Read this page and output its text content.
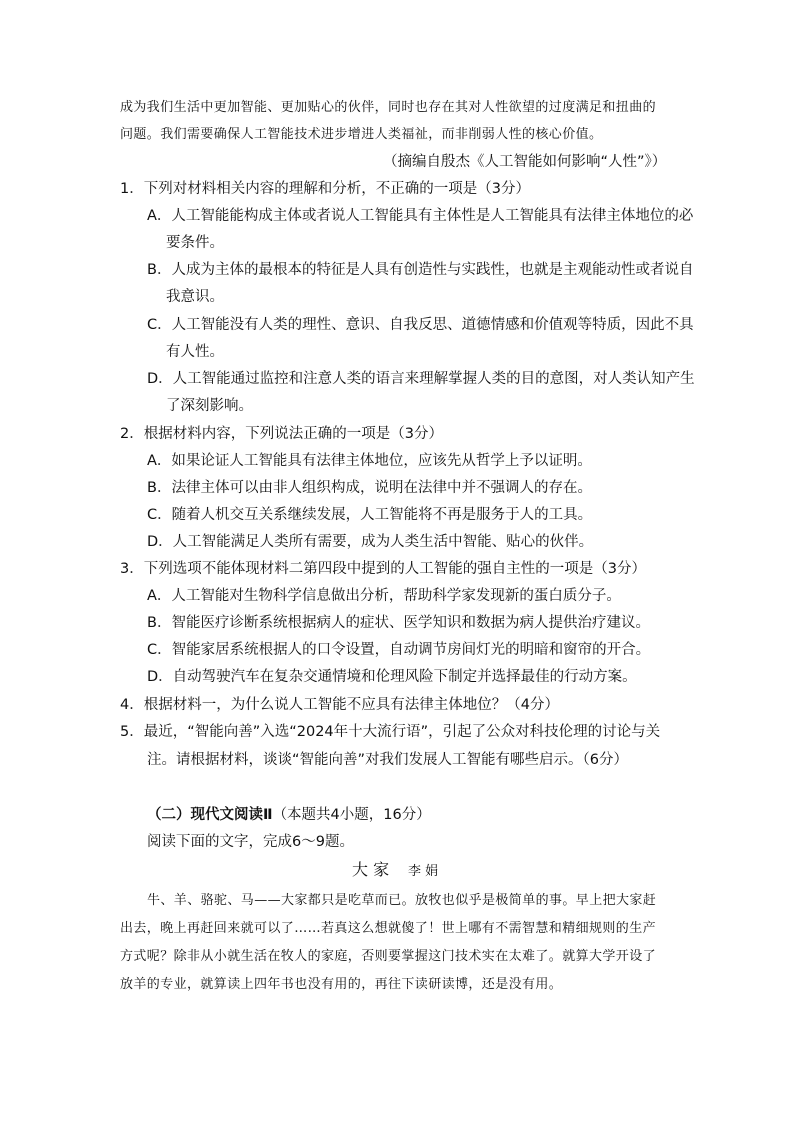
成为我们生活中更加智能、更加贴心的伙伴，同时也存在其对人性欲望的过度满足和扭曲的
问题。我们需要确保人工智能技术进步增进人类福祉，而非削弱人性的核心价值。
（摘编自殷杰《人工智能如何影响“人性”》）
1．下列对材料相关内容的理解和分析，不正确的一项是（3分）
A．人工智能能构成主体或者说人工智能具有主体性是人工智能具有法律主体地位的必
要条件。
B．人成为主体的最根本的特征是人具有创造性与实践性，也就是主观能动性或者说自
我意识。
C．人工智能没有人类的理性、意识、自我反思、道德情感和价值观等特质，因此不具
有人性。
D．人工智能通过监控和注意人类的语言来理解掌握人类的目的意图，对人类认知产生
了深刻影响。
2．根据材料内容，下列说法正确的一项是（3分）
A．如果论证人工智能具有法律主体地位，应该先从哲学上予以证明。
B．法律主体可以由非人组织构成，说明在法律中并不强调人的存在。
C．随着人机交互关系继续发展，人工智能将不再是服务于人的工具。
D．人工智能满足人类所有需要，成为人类生活中智能、贴心的伙伴。
3．下列选项不能体现材料二第四段中提到的人工智能的强自主性的一项是（3分）
A．人工智能对生物科学信息做出分析，帮助科学家发现新的蛋白质分子。
B．智能医疗诊断系统根据病人的症状、医学知识和数据为病人提供治疗建议。
C．智能家居系统根据人的口令设置，自动调节房间灯光的明暗和窗帘的开合。
D．自动驾驶汽车在复杂交通情境和伦理风险下制定并选择最佳的行动方案。
4．根据材料一，为什么说人工智能不应具有法律主体地位？（4分）
5．最近，“智能向善”入选“2024年十大流行语”，引起了公众对科技伦理的讨论与关
注。请根据材料，谈谈“智能向善”对我们发展人工智能有哪些启示。（6分）
（二）现代文阅读Ⅱ（本题共4小题，16分）
阅读下面的文字，完成6～9题。
大 家 李 娟
牛、羊、骆驼、马——大家都只是吃草而已。放牧也似乎是极简单的事。早上把大家赶
出去，晚上再赶回来就可以了……若真这么想就傻了！世上哪有不需智慧和精细规则的生产
方式呢？除非从小就生活在牧人的家庭，否则要掌握这门技术实在太难了。就算大学开设了
放羊的专业，就算读上四年书也没有用的，再往下读研读博，还是没有用。
